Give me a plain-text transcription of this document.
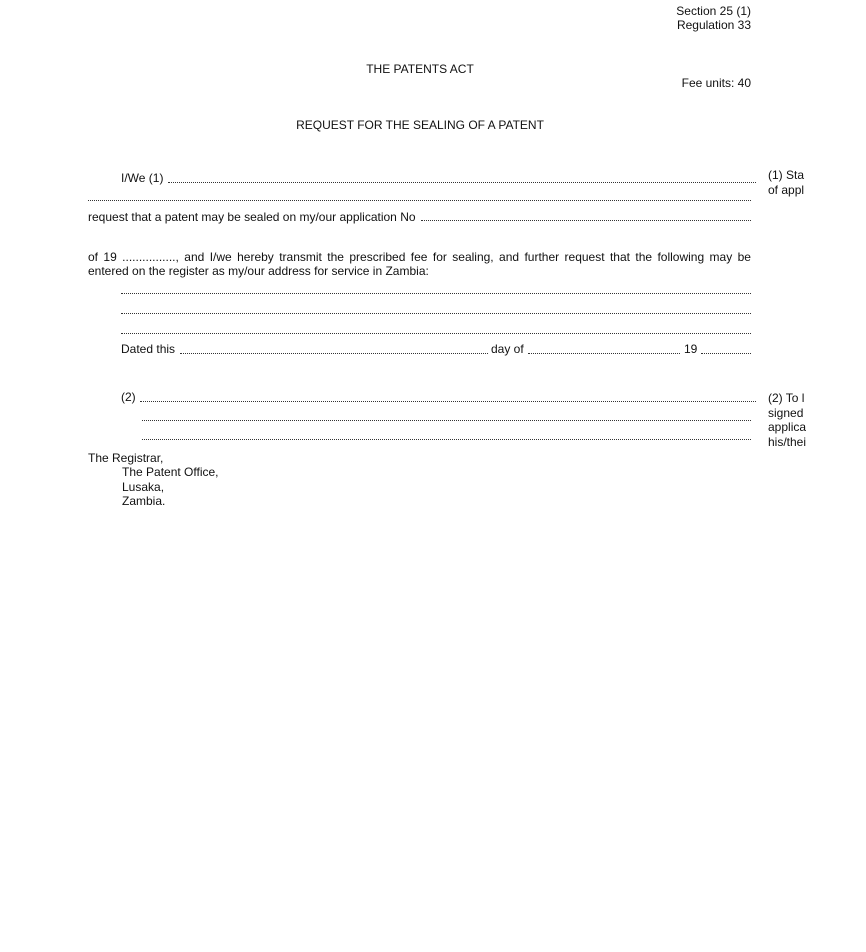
Section 25 (1)
Regulation 33
THE PATENTS ACT
Fee units: 40
REQUEST FOR THE SEALING OF A PATENT
I/We (1)
request that a patent may be sealed on my/our application No
of 19 ................, and I/we hereby transmit the prescribed fee for sealing, and further request that the following may be entered on the register as my/our address for service in Zambia:
Dated this	day of	19
(2)
The Registrar,
The Patent Office,
Lusaka,
Zambia.
(1) Sta
of appl
(2) To l
signed
applica
his/thei
